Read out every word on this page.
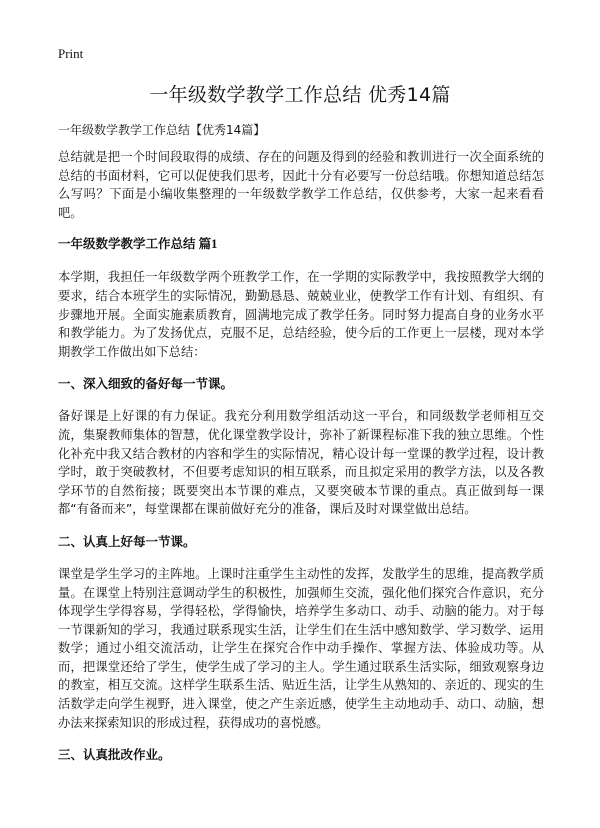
Print
一年级数学教学工作总结 优秀14篇
一年级数学教学工作总结【优秀14篇】

总结就是把一个时间段取得的成绩、存在的问题及得到的经验和教训进行一次全面系统的总结的书面材料，它可以促使我们思考，因此十分有必要写一份总结哦。你想知道总结怎么写吗？下面是小编收集整理的一年级数学教学工作总结，仅供参考，大家一起来看看吧。

一年级数学教学工作总结 篇1

本学期，我担任一年级数学两个班教学工作，在一学期的实际教学中，我按照教学大纲的要求，结合本班学生的实际情况，勤勤恳恳、兢兢业业，使教学工作有计划、有组织、有步骤地开展。全面实施素质教育，圆满地完成了教学任务。同时努力提高自身的业务水平和教学能力。为了发扬优点，克服不足，总结经验，使今后的工作更上一层楼，现对本学期教学工作做出如下总结：

一、深入细致的备好每一节课。

备好课是上好课的有力保证。我充分利用数学组活动这一平台，和同级数学老师相互交流，集聚教师集体的智慧，优化课堂教学设计，弥补了新课程标准下我的独立思维。个性化补充中我又结合教材的内容和学生的实际情况，精心设计每一堂课的教学过程，设计教学时，敢于突破教材，不但要考虑知识的相互联系，而且拟定采用的教学方法，以及各教学环节的自然衔接；既要突出本节课的难点，又要突破本节课的重点。真正做到每一课都“有备而来”，每堂课都在课前做好充分的准备，课后及时对课堂做出总结。

二、认真上好每一节课。

课堂是学生学习的主阵地。上课时注重学生主动性的发挥，发散学生的思维，提高教学质量。在课堂上特别注意调动学生的积极性，加强师生交流，强化他们探究合作意识，充分体现学生学得容易，学得轻松，学得愉快，培养学生多动口、动手、动脑的能力。对于每一节课新知的学习，我通过联系现实生活，让学生们在生活中感知数学、学习数学、运用数学；通过小组交流活动，让学生在探究合作中动手操作、掌握方法、体验成功等。从而，把课堂还给了学生，使学生成了学习的主人。学生通过联系生活实际，细致观察身边的教室，相互交流。这样学生联系生活、贴近生活，让学生从熟知的、亲近的、现实的生活数学走向学生视野，进入课堂，使之产生亲近感，使学生主动地动手、动口、动脑，想办法来探索知识的形成过程，获得成功的喜悦感。

三、认真批改作业。
